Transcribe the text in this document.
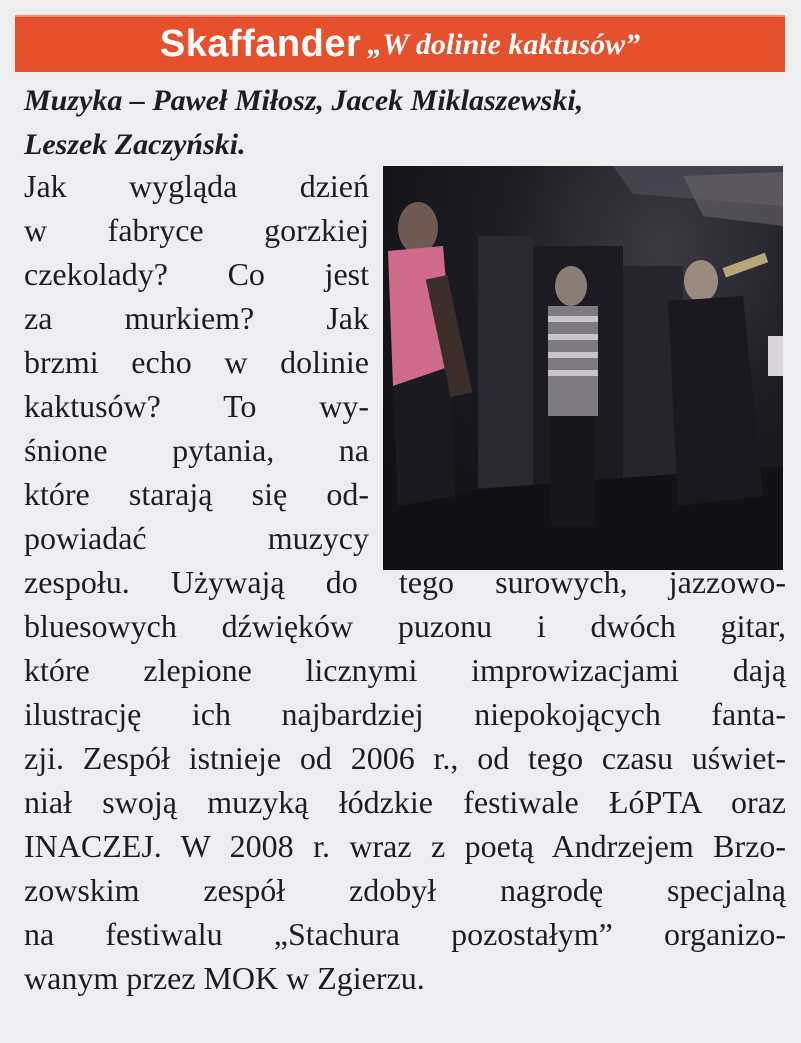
Skaffander „W dolinie kaktusów”
Muzyka – Paweł Miłosz, Jacek Miklaszewski,
Leszek Zaczyński.
Jak wygląda dzień
w fabryce gorzkiej
czekolady? Co jest
za murkiem? Jak
brzmi echo w dolinie
kaktusów? To wy-
śnione pytania, na
które starają się od-
powiadać muzycy
zespołu. Używają do tego surowych, jazzowo-
bluesowych dźwięków puzonu i dwóch gitar,
które zlepione licznymi improwizacjami dają
ilustrację ich najbardziej niepokojących fanta-
zji. Zespół istnieje od 2006 r., od tego czasu uświet-
niał swoją muzyką łódzkie festiwale ŁóPTA oraz
INACZEJ. W 2008 r. wraz z poetą Andrzejem Brzo-
zowskim zespół zdobył nagrodę specjalną
na festiwalu „Stachura pozostałym” organizo-
wanym przez MOK w Zgierzu.
